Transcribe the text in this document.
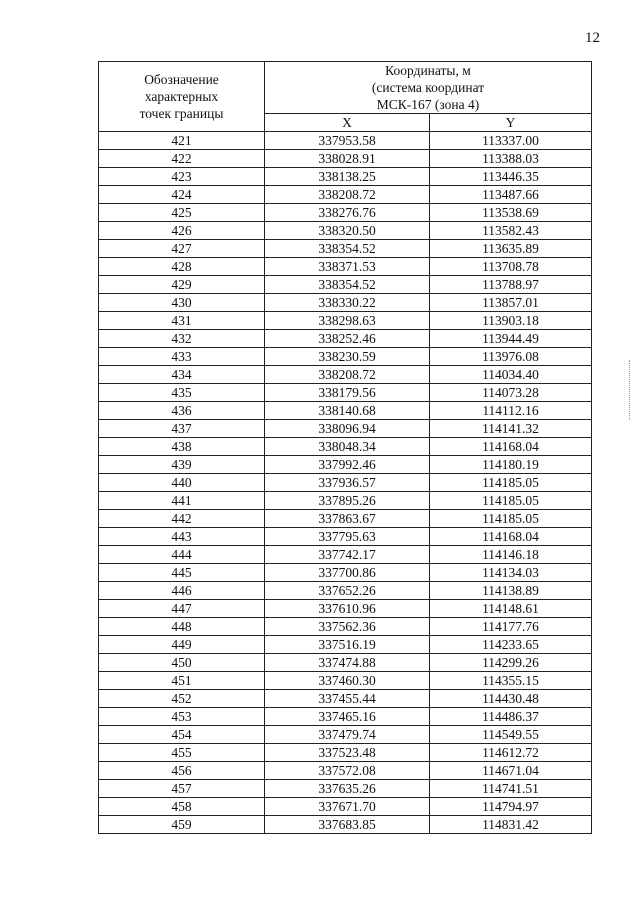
12
Обозначение
характерных
точек границы	Координаты, м
(система координат
МСК-167 (зона 4)	

	X	Y
421	337953.58	113337.00
422	338028.91	113388.03
423	338138.25	113446.35
424	338208.72	113487.66
425	338276.76	113538.69
426	338320.50	113582.43
427	338354.52	113635.89
428	338371.53	113708.78
429	338354.52	113788.97
430	338330.22	113857.01
431	338298.63	113903.18
432	338252.46	113944.49
433	338230.59	113976.08
434	338208.72	114034.40
435	338179.56	114073.28
436	338140.68	114112.16
437	338096.94	114141.32
438	338048.34	114168.04
439	337992.46	114180.19
440	337936.57	114185.05
441	337895.26	114185.05
442	337863.67	114185.05
443	337795.63	114168.04
444	337742.17	114146.18
445	337700.86	114134.03
446	337652.26	114138.89
447	337610.96	114148.61
448	337562.36	114177.76
449	337516.19	114233.65
450	337474.88	114299.26
451	337460.30	114355.15
452	337455.44	114430.48
453	337465.16	114486.37
454	337479.74	114549.55
455	337523.48	114612.72
456	337572.08	114671.04
457	337635.26	114741.51
458	337671.70	114794.97
459	337683.85	114831.42
